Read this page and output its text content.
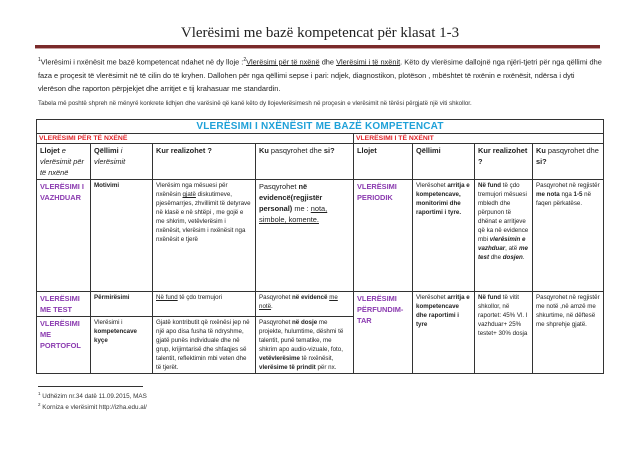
Vlerësimi me bazë kompetencat për klasat 1-3
$^1$Vlerësimi i nxënësit me bazë kompetencat ndahet në dy lloje :$^2$Vlerësimi për të nxënë dhe Vlerësimi i të nxënit. Këto dy vlerësime dallojnë nga njëri-tjetri për nga qëllimi dhe faza e proçesit të vlerësimit në të cilin do të kryhen. Dallohen për nga qëllimi sepse i pari: ndjek, diagnostikon, plotëson , mbështet të nxënin e nxënësit, ndërsa i dyti vlerëson dhe raporton përpjekjet dhe arritjet e tij krahasuar me standardin.
Tabela më poshtë shpreh në mënyrë konkrete lidhjen dhe varësinë që kanë këto dy llojevlerësimesh në proçesin e vlerësimit në tërësi përgjatë një viti shkollor.
VLERËSIMI I NXËNËSIT ME BAZË KOMPETENCAT							
VLERËSIMI PËR TË NXËNË				VLERËSIMI I TË NXËNIT			
Llojet e vlerësimit për të nxënë	Qëllimi i vlerësimit	Kur realizohet ?	Ku pasqyrohet dhe si?	Llojet	Qëllimi	Kur realizohet ?	Ku pasqyrohet dhe si?
VLERËSIMI I VAZHDUAR	Motivimi	Vlerësim nga mësuesi për nxënësin gjatë diskutimeve, pjesëmarrjes, zhvillimit të detyrave në klasë e në shtëpi , me gojë e me shkrim, vetëvlerësim i nxënësit, vlerësim i nxënësit nga nxënësit e tjerë	Pasqyrohet në evidencë(regjistër personal) me : nota, simbole, komente.	VLERËSIMI PERIODIK	Vlerësohet arritja e kompetencave, monitorimi dhe raportimi i tyre.	Në fund të çdo tremujori mësuesi mbledh dhe përpunon të dhënat e arritjeve që ka në evidence mbi vlerësimin e vazhduar, atë me test dhe dosjen.	Pasqyrohet në regjistër me nota nga 1-5 në faqen përkatëse.
VLERËSIMI ME TEST	Përmirësimi	Në fund të çdo tremujori	Pasqyrohet në evidencë me notë.	VLERËSIMI PËRFUNDIM-TAR	Vlerësohet arritja e kompetencave dhe raportimi i tyre	Në fund të vitit shkollor, në raportet: 45% Vl. I vazhduar+ 25% testet+ 30% dosja	Pasqyrohet në regjistër me notë ,në amzë me shkurtime, në dëftesë me shprehje gjatë.
VLERËSIMI ME PORTOFOL	Vlerësimi i kompetencave kyçe	Gjatë kontributit që nxënësi jep në një apo disa fusha të ndryshme, gjatë punës individuale dhe në grup, krijimtarisë dhe shfaqjes së talentit, reflektimin mbi veten dhe të tjerët.	Pasqyrohet në dosje me projekte, hulumtime, dëshmi të talentit, punë tematike, me shkrim apo audio-vizuale, foto, vetëvlerësime të nxënësit, vlerësime të prindit për nx.				
$^1$ Udhëzim nr.34 datë 11.09.2015, MAS
$^2$ Korniza e vlerësimit http://izha.edu.al/
